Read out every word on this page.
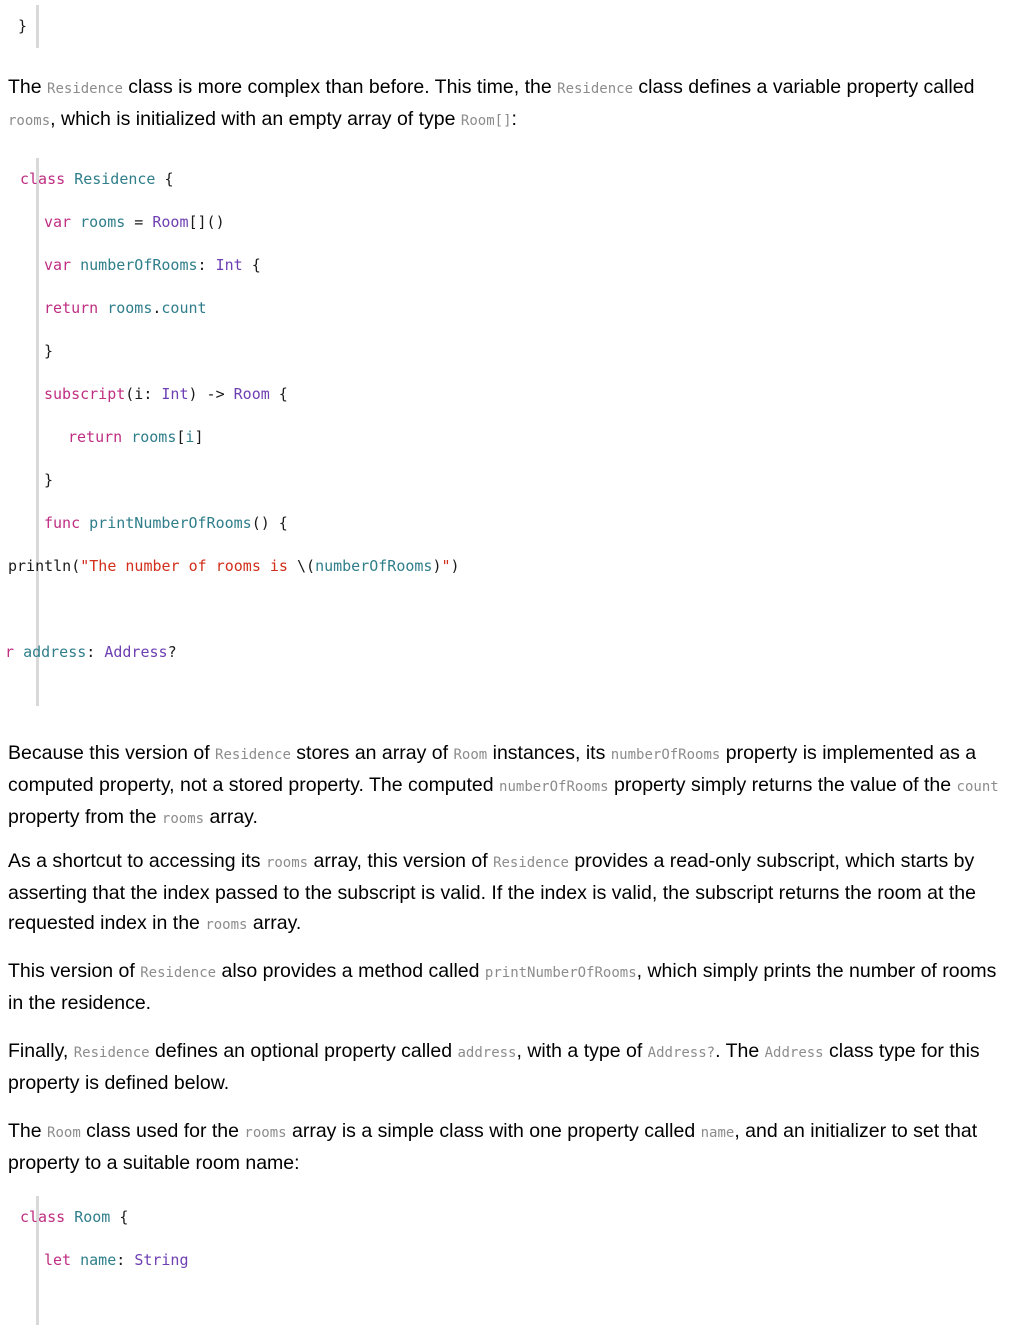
}
The Residence class is more complex than before. This time, the Residence class defines a variable property called rooms, which is initialized with an empty array of type Room[]:
class Residence {
var rooms = Room[]()
var numberOfRooms: Int {
return rooms.count
}
subscript(i: Int) -> Room {
return rooms[i]
}
func printNumberOfRooms() {
println("The number of rooms is \(numberOfRooms)")
r address: Address?
Because this version of Residence stores an array of Room instances, its numberOfRooms property is implemented as a computed property, not a stored property. The computed numberOfRooms property simply returns the value of the count property from the rooms array.
As a shortcut to accessing its rooms array, this version of Residence provides a read-only subscript, which starts by asserting that the index passed to the subscript is valid. If the index is valid, the subscript returns the room at the requested index in the rooms array.
This version of Residence also provides a method called printNumberOfRooms, which simply prints the number of rooms in the residence.
Finally, Residence defines an optional property called address, with a type of Address?. The Address class type for this property is defined below.
The Room class used for the rooms array is a simple class with one property called name, and an initializer to set that property to a suitable room name:
class Room {
let name: String
